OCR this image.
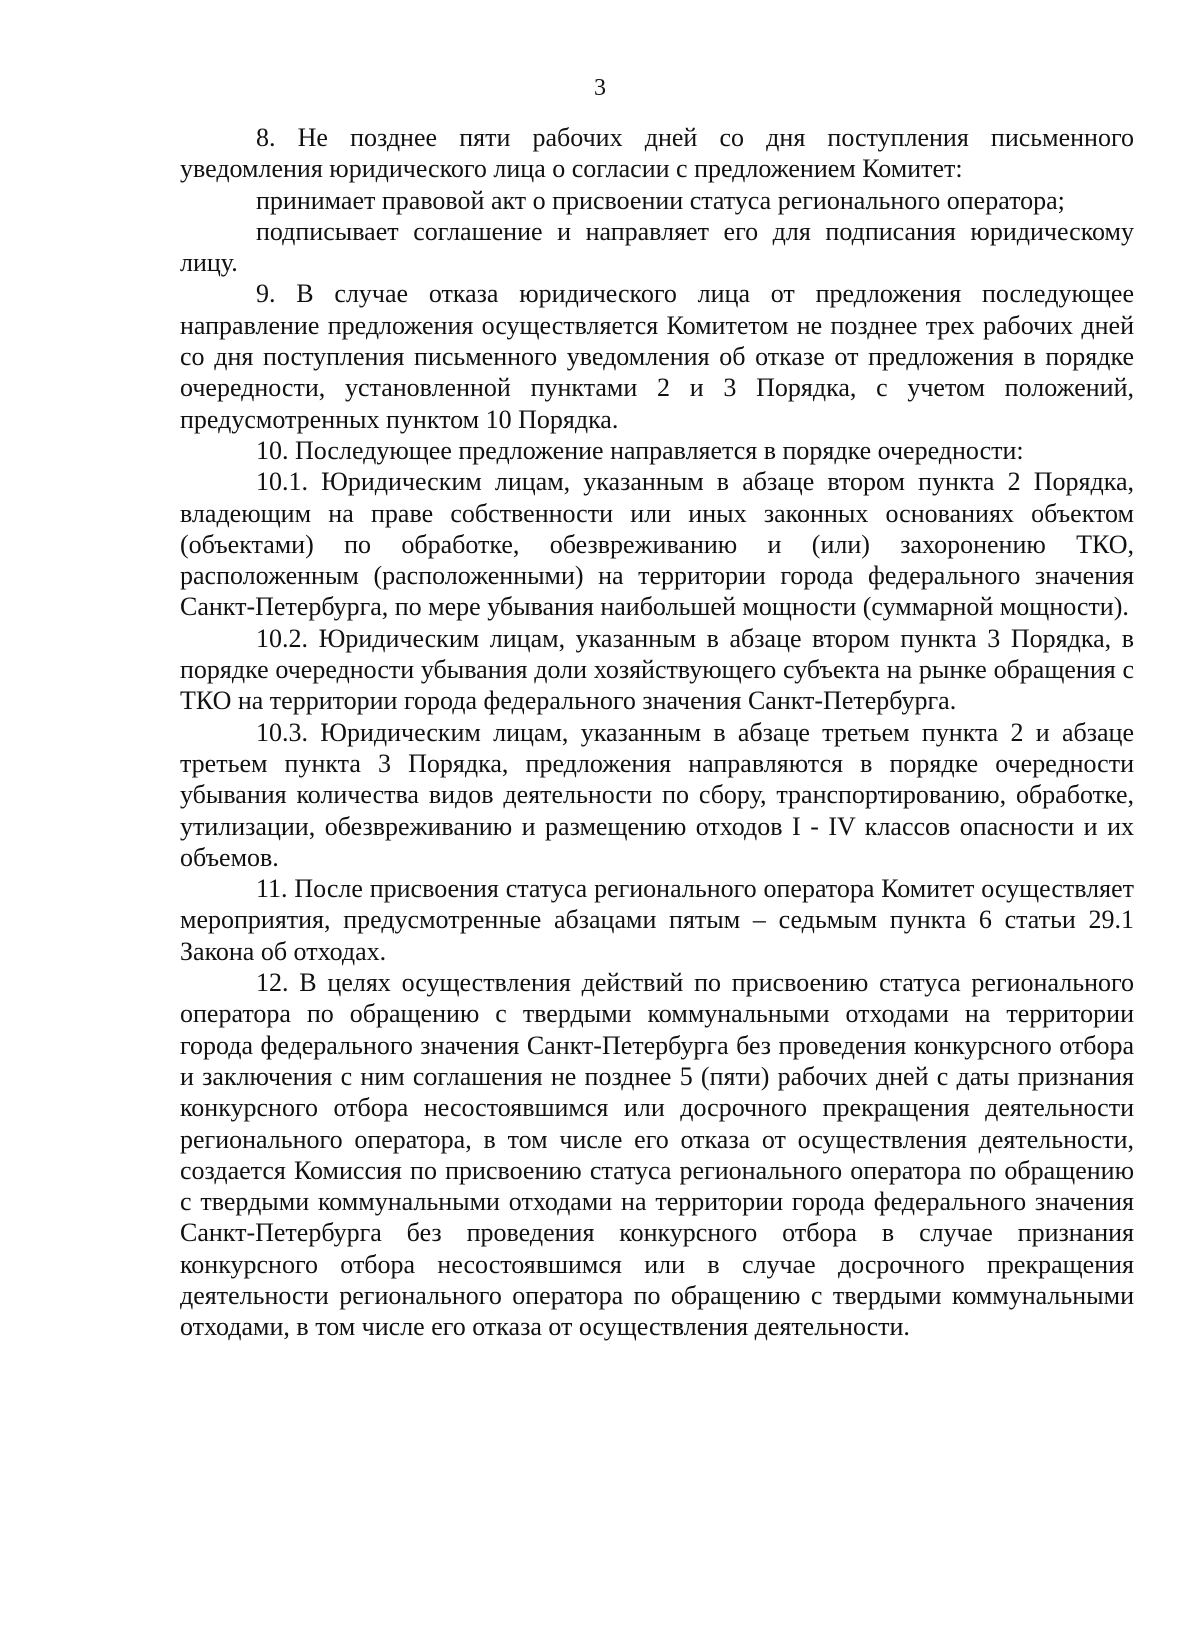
3

8. Не позднее пяти рабочих дней со дня поступления письменного уведомления юридического лица о согласии с предложением Комитет:

принимает правовой акт о присвоении статуса регионального оператора;

подписывает соглашение и направляет его для подписания юридическому лицу.

9. В случае отказа юридического лица от предложения последующее направление предложения осуществляется Комитетом не позднее трех рабочих дней со дня поступления письменного уведомления об отказе от предложения в порядке очередности, установленной пунктами 2 и 3 Порядка, с учетом положений, предусмотренных пунктом 10 Порядка.

10. Последующее предложение направляется в порядке очередности:

10.1. Юридическим лицам, указанным в абзаце втором пункта 2 Порядка, владеющим на праве собственности или иных законных основаниях объектом (объектами) по обработке, обезвреживанию и (или) захоронению ТКО, расположенным (расположенными) на территории города федерального значения Санкт-Петербурга, по мере убывания наибольшей мощности (суммарной мощности).

10.2. Юридическим лицам, указанным в абзаце втором пункта 3 Порядка, в порядке очередности убывания доли хозяйствующего субъекта на рынке обращения с ТКО на территории города федерального значения Санкт-Петербурга.

10.3. Юридическим лицам, указанным в абзаце третьем пункта 2 и абзаце третьем пункта 3 Порядка, предложения направляются в порядке очередности убывания количества видов деятельности по сбору, транспортированию, обработке, утилизации, обезвреживанию и размещению отходов I - IV классов опасности и их объемов.

11. После присвоения статуса регионального оператора Комитет осуществляет мероприятия, предусмотренные абзацами пятым – седьмым пункта 6 статьи 29.1 Закона об отходах.

12. В целях осуществления действий по присвоению статуса регионального оператора по обращению с твердыми коммунальными отходами на территории города федерального значения Санкт-Петербурга без проведения конкурсного отбора и заключения с ним соглашения не позднее 5 (пяти) рабочих дней с даты признания конкурсного отбора несостоявшимся или досрочного прекращения деятельности регионального оператора, в том числе его отказа от осуществления деятельности, создается Комиссия по присвоению статуса регионального оператора по обращению с твердыми коммунальными отходами на территории города федерального значения Санкт-Петербурга без проведения конкурсного отбора в случае признания конкурсного отбора несостоявшимся или в случае досрочного прекращения деятельности регионального оператора по обращению с твердыми коммунальными отходами, в том числе его отказа от осуществления деятельности.
